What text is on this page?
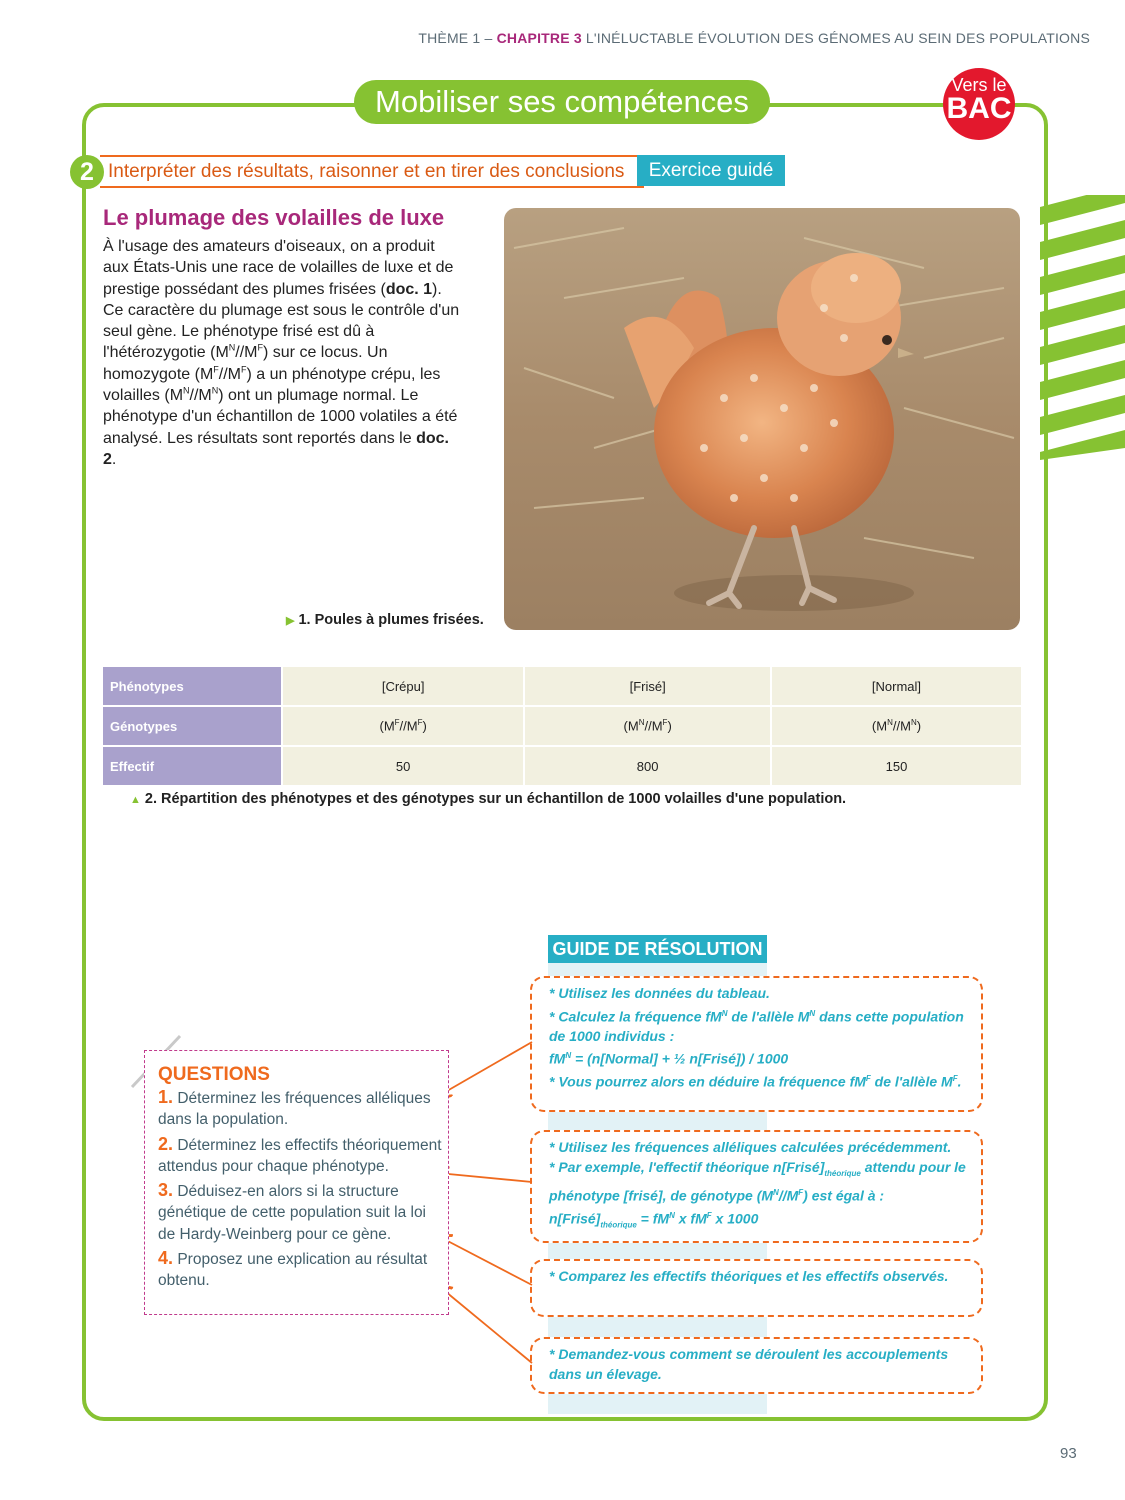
THÈME 1 – CHAPITRE 3 L'INÉLUCTABLE ÉVOLUTION DES GÉNOMES AU SEIN DES POPULATIONS
Mobiliser ses compétences	Vers le
BAC
Interpréter des résultats, raisonner et en tirer des conclusions
2	Exercice guidé
Le plumage des volailles de luxe
À l'usage des amateurs d'oiseaux, on a produit aux États-Unis une race de volailles de luxe et de prestige possédant des plumes frisées (doc. 1). Ce caractère du plumage est sous le contrôle d'un seul gène. Le phénotype frisé est dû à l'hétérozygotie $(M^N//M^F)$ sur ce locus. Un homozygote $(M^F//M^F)$ a un phénotype crépu, les volailles $(M^N//M^N)$ ont un plumage normal. Le phénotype d'un échantillon de 1000 volatiles a été analysé. Les résultats sont reportés dans le doc. 2.
▶ 1. Poules à plumes frisées.
Phénotypes	[Crépu]	[Frisé]	[Normal]
Génotypes	$(M^F//M^F)$	$(M^N//M^F)$	$(M^N//M^N)$
Effectif	50	800	150
▲ 2. Répartition des phénotypes et des génotypes sur un échantillon de 1000 volailles d'une population.
GUIDE DE RÉSOLUTION
* Utilisez les données du tableau.
* Calculez la fréquence $fM^N$ de l'allèle $M^N$ dans cette population de 1000 individus :
$fM^N$ = (n[Normal] + ½ n[Frisé]) / 1000
* Vous pourrez alors en déduire la fréquence $fM^F$ de l'allèle $M^F$.
* Utilisez les fréquences alléliques calculées précédemment.
* Par exemple, l'effectif théorique $n[Frisé]_{théorique}$ attendu pour le phénotype [frisé], de génotype $(M^N//M^F)$ est égal à : $n[Frisé]_{théorique} = fM^N$ x $fM^F$ x 1000
* Comparez les effectifs théoriques et les effectifs observés.
* Demandez-vous comment se déroulent les accouplements dans un élevage.
QUESTIONS
1. Déterminez les fréquences alléliques dans la population.
2. Déterminez les effectifs théoriquement attendus pour chaque phénotype.
3. Déduisez-en alors si la structure génétique de cette population suit la loi de Hardy-Weinberg pour ce gène.
4. Proposez une explication au résultat obtenu.
93
